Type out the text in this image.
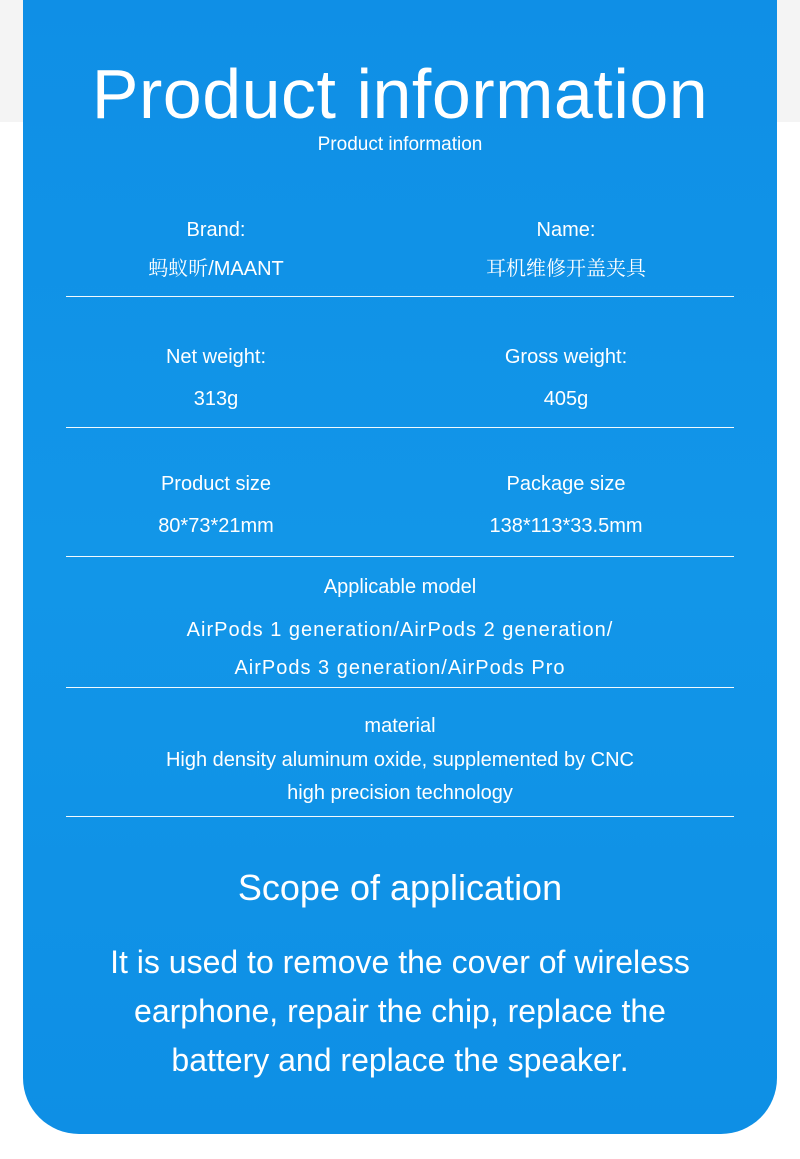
Product information
Product information
Brand:
蚂蚁昕/MAANT
Name:
耳机维修开盖夹具
Net weight:
313g
Gross weight:
405g
Product size
80*73*21mm
Package size
138*113*33.5mm
Applicable model
AirPods 1 generation/AirPods 2 generation/
AirPods 3 generation/AirPods Pro
material
High density aluminum oxide, supplemented by CNC
high precision technology
Scope of application
It is used to remove the cover of wireless
earphone, repair the chip, replace the
battery and replace the speaker.
